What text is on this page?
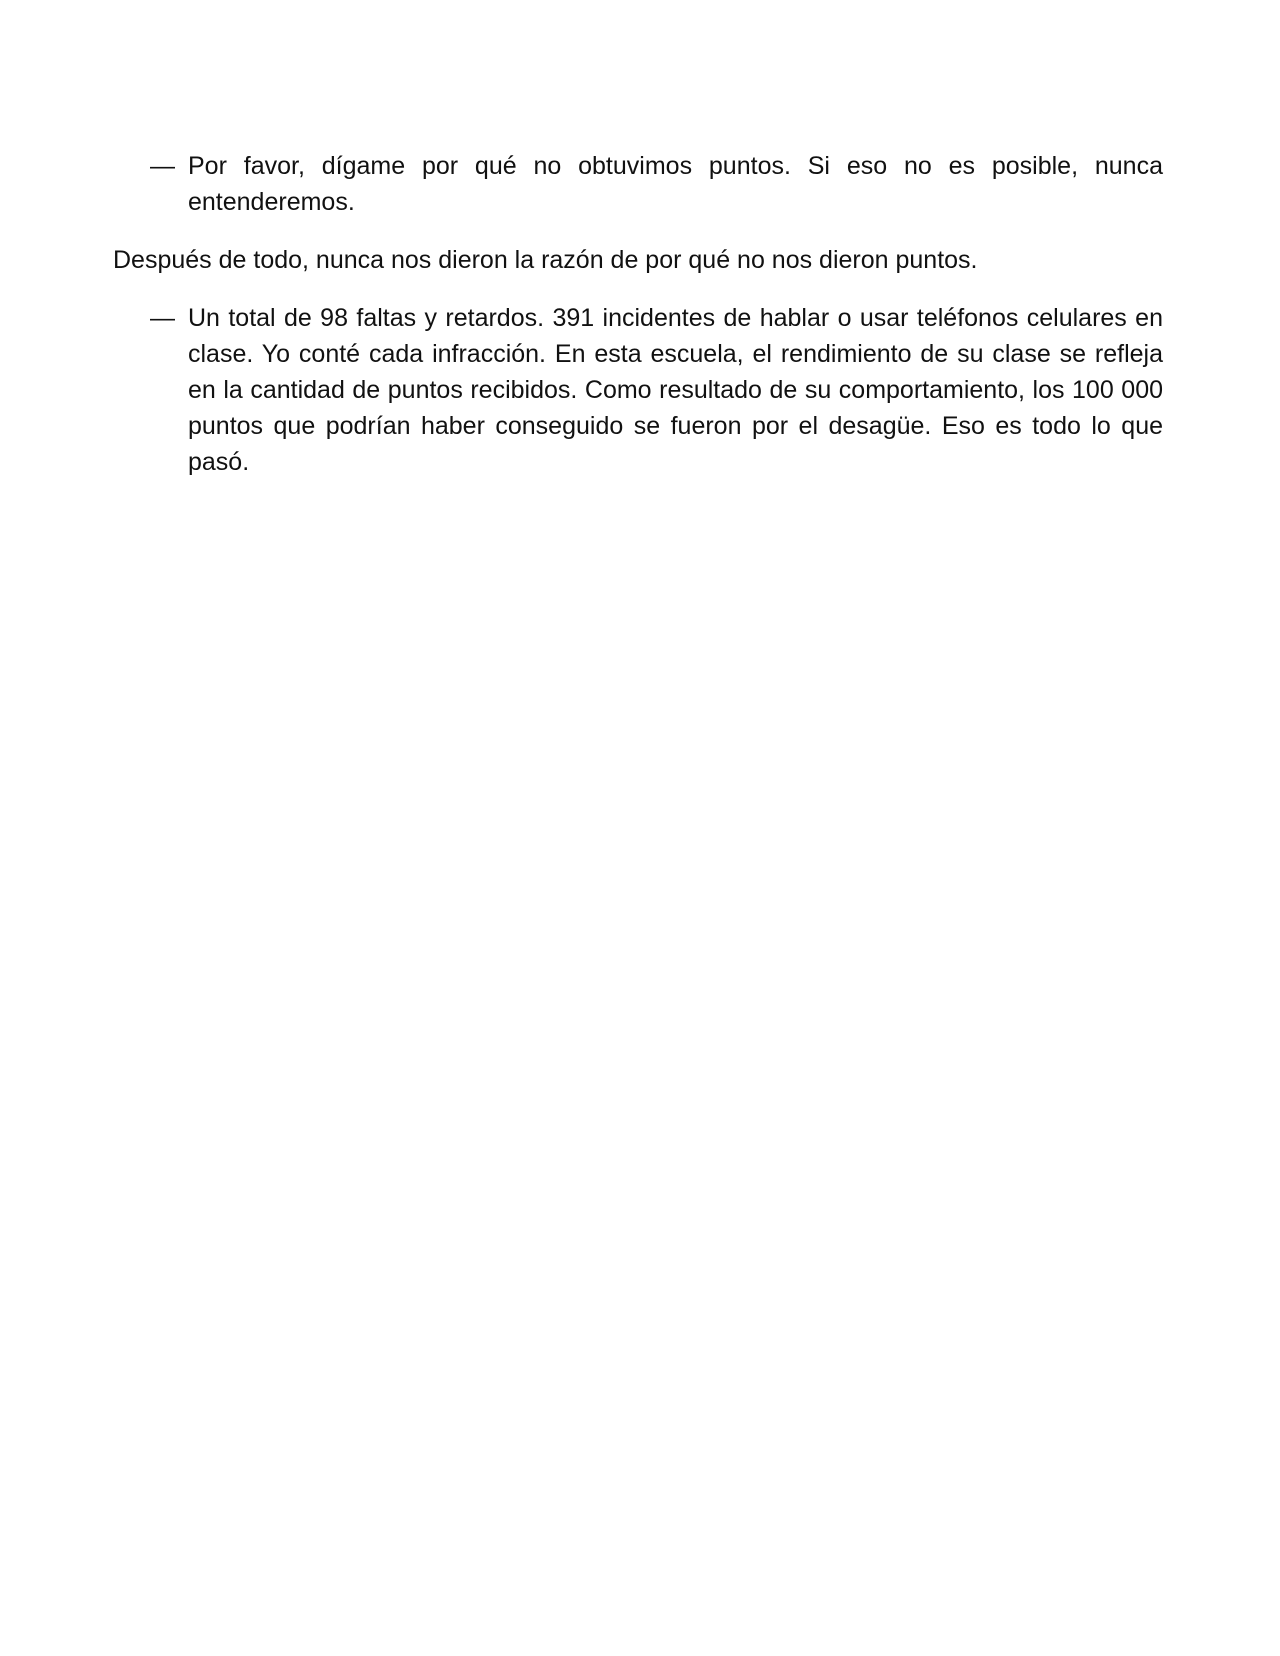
— Por favor, dígame por qué no obtuvimos puntos. Si eso no es posible, nunca entenderemos.

Después de todo, nunca nos dieron la razón de por qué no nos dieron puntos.

— Un total de 98 faltas y retardos. 391 incidentes de hablar o usar teléfonos celulares en clase. Yo conté cada infracción. En esta escuela, el rendimiento de su clase se refleja en la cantidad de puntos recibidos. Como resultado de su comportamiento, los 100 000 puntos que podrían haber conseguido se fueron por el desagüe. Eso es todo lo que pasó.
